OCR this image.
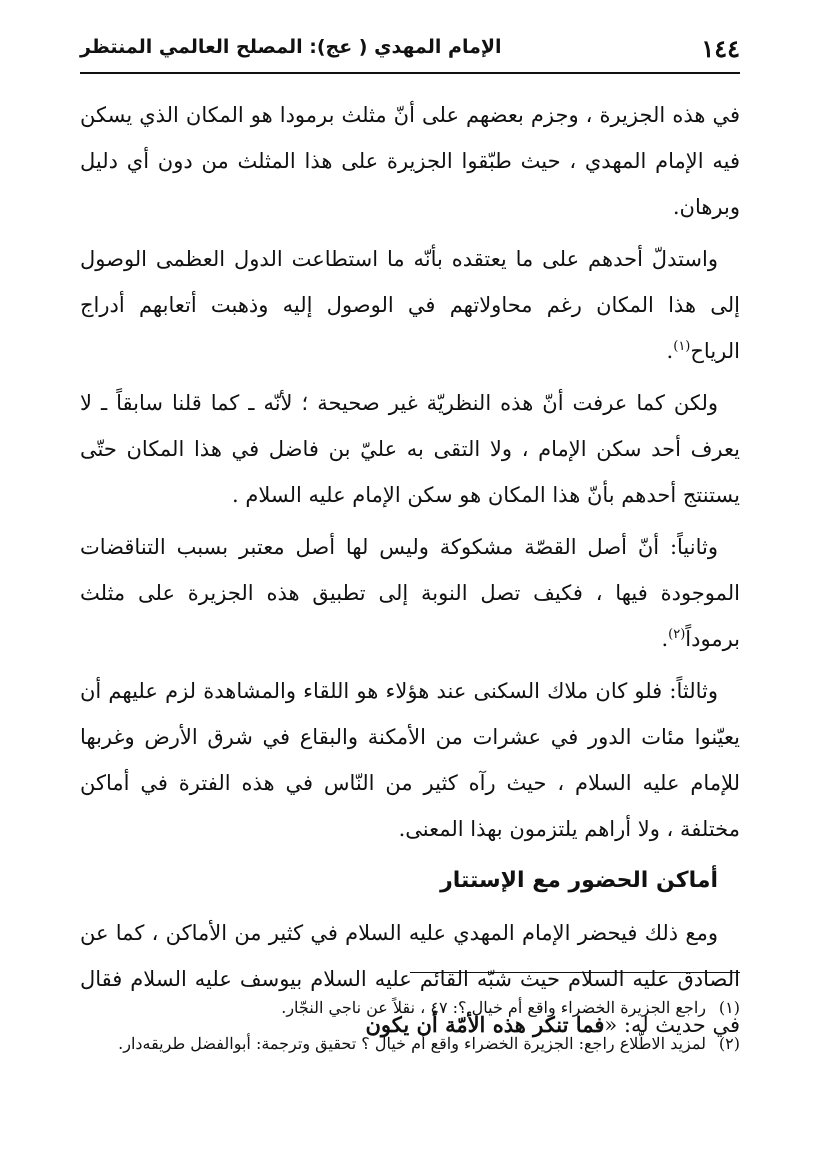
١٤٤
الإمام المهدي ( عج): المصلح العالمي المنتظر

في هذه الجزيرة ، وجزم بعضهم على أنّ مثلث برمودا هو المكان الذي يسكن فيه الإمام المهدي ، حيث طبّقوا الجزيرة على هذا المثلث من دون أي دليل وبرهان.

واستدلّ أحدهم على ما يعتقده بأنّه ما استطاعت الدول العظمى الوصول إلى هذا المكان رغم محاولاتهم في الوصول إليه وذهبت أتعابهم أدراج الرياح$^{(١)}$.

ولكن كما عرفت أنّ هذه النظريّة غير صحيحة ؛ لأنّه ـ كما قلنا سابقاً ـ لا يعرف أحد سكن الإمام ، ولا التقى به عليّ بن فاضل في هذا المكان حتّى يستنتج أحدهم بأنّ هذا المكان هو سكن الإمام عليه السلام .

وثانياً: أنّ أصل القصّة مشكوكة وليس لها أصل معتبر بسبب التناقضات الموجودة فيها ، فكيف تصل النوبة إلى تطبيق هذه الجزيرة على مثلث برموداً$^{(٢)}$.

وثالثاً: فلو كان ملاك السكنى عند هؤلاء هو اللقاء والمشاهدة لزم عليهم أن يعيّنوا مئات الدور في عشرات من الأمكنة والبقاع في شرق الأرض وغربها للإمام عليه السلام ، حيث رآه كثير من النّاس في هذه الفترة في أماكن مختلفة ، ولا أراهم يلتزمون بهذا المعنى.

أماكن الحضور مع الإستتار

ومع ذلك فيحضر الإمام المهدي عليه السلام في كثير من الأماكن ، كما عن الصادق عليه السلام حيث شبّه القائم عليه السلام بيوسف عليه السلام فقال في حديث له: «فما تنكر هذه الأمّة أن يكون

(١)
راجع الجزيرة الخضراء واقع أم خيال ؟: ٤٧ ، نقلاً عن ناجي النجّار.
(٢)
لمزيد الاطّلاع راجع: الجزيرة الخضراء واقع أم خيال ؟ تحقيق وترجمة: أبوالفضل طريقه‌دار.
